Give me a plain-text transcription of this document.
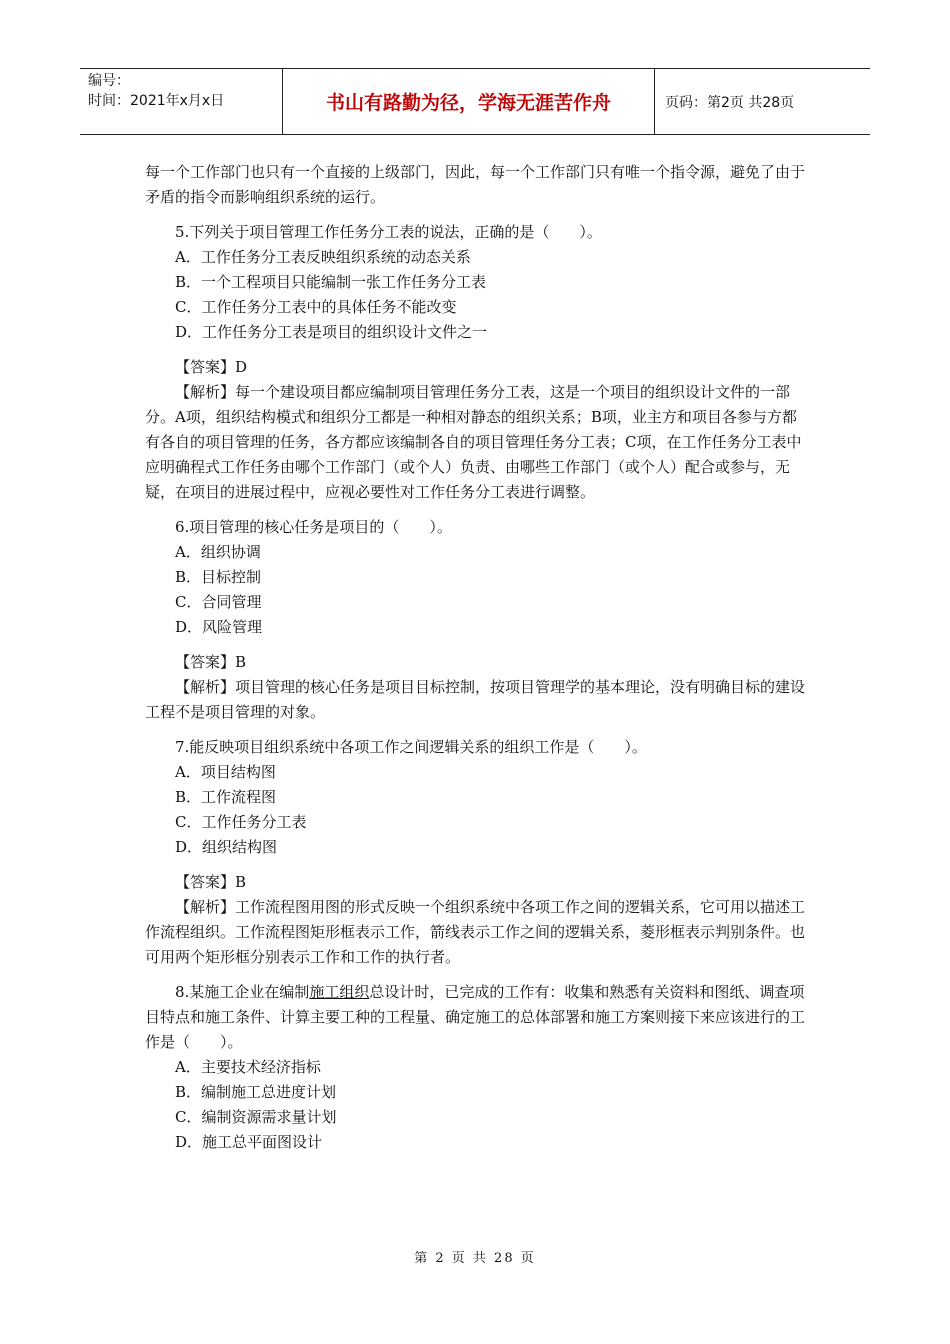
编号：
时间：2021年x月x日	书山有路勤为径，学海无涯苦作舟	页码：第2页 共28页

每一个工作部门也只有一个直接的上级部门，因此，每一个工作部门只有唯一个指令源，避免了由于矛盾的指令而影响组织系统的运行。

5.下列关于项目管理工作任务分工表的说法，正确的是（　　）。

A．工作任务分工表反映组织系统的动态关系

B．一个工程项目只能编制一张工作任务分工表

C．工作任务分工表中的具体任务不能改变

D．工作任务分工表是项目的组织设计文件之一

【答案】D

【解析】每一个建设项目都应编制项目管理任务分工表，这是一个项目的组织设计文件的一部分。A项，组织结构模式和组织分工都是一种相对静态的组织关系；B项，业主方和项目各参与方都有各自的项目管理的任务，各方都应该编制各自的项目管理任务分工表；C项，在工作任务分工表中应明确程式工作任务由哪个工作部门（或个人）负责、由哪些工作部门（或个人）配合或参与，无疑，在项目的进展过程中，应视必要性对工作任务分工表进行调整。

6.项目管理的核心任务是项目的（　　）。

A．组织协调

B．目标控制

C．合同管理

D．风险管理

【答案】B

【解析】项目管理的核心任务是项目目标控制，按项目管理学的基本理论，没有明确目标的建设工程不是项目管理的对象。

7.能反映项目组织系统中各项工作之间逻辑关系的组织工作是（　　）。

A．项目结构图

B．工作流程图

C．工作任务分工表

D．组织结构图

【答案】B

【解析】工作流程图用图的形式反映一个组织系统中各项工作之间的逻辑关系，它可用以描述工作流程组织。工作流程图矩形框表示工作，箭线表示工作之间的逻辑关系，菱形框表示判别条件。也可用两个矩形框分别表示工作和工作的执行者。

8.某施工企业在编制施工组织总设计时，已完成的工作有：收集和熟悉有关资料和图纸、调查项目特点和施工条件、计算主要工种的工程量、确定施工的总体部署和施工方案则接下来应该进行的工作是（　　）。

A．主要技术经济指标

B．编制施工总进度计划

C．编制资源需求量计划

D．施工总平面图设计

第 2 页 共 28 页
